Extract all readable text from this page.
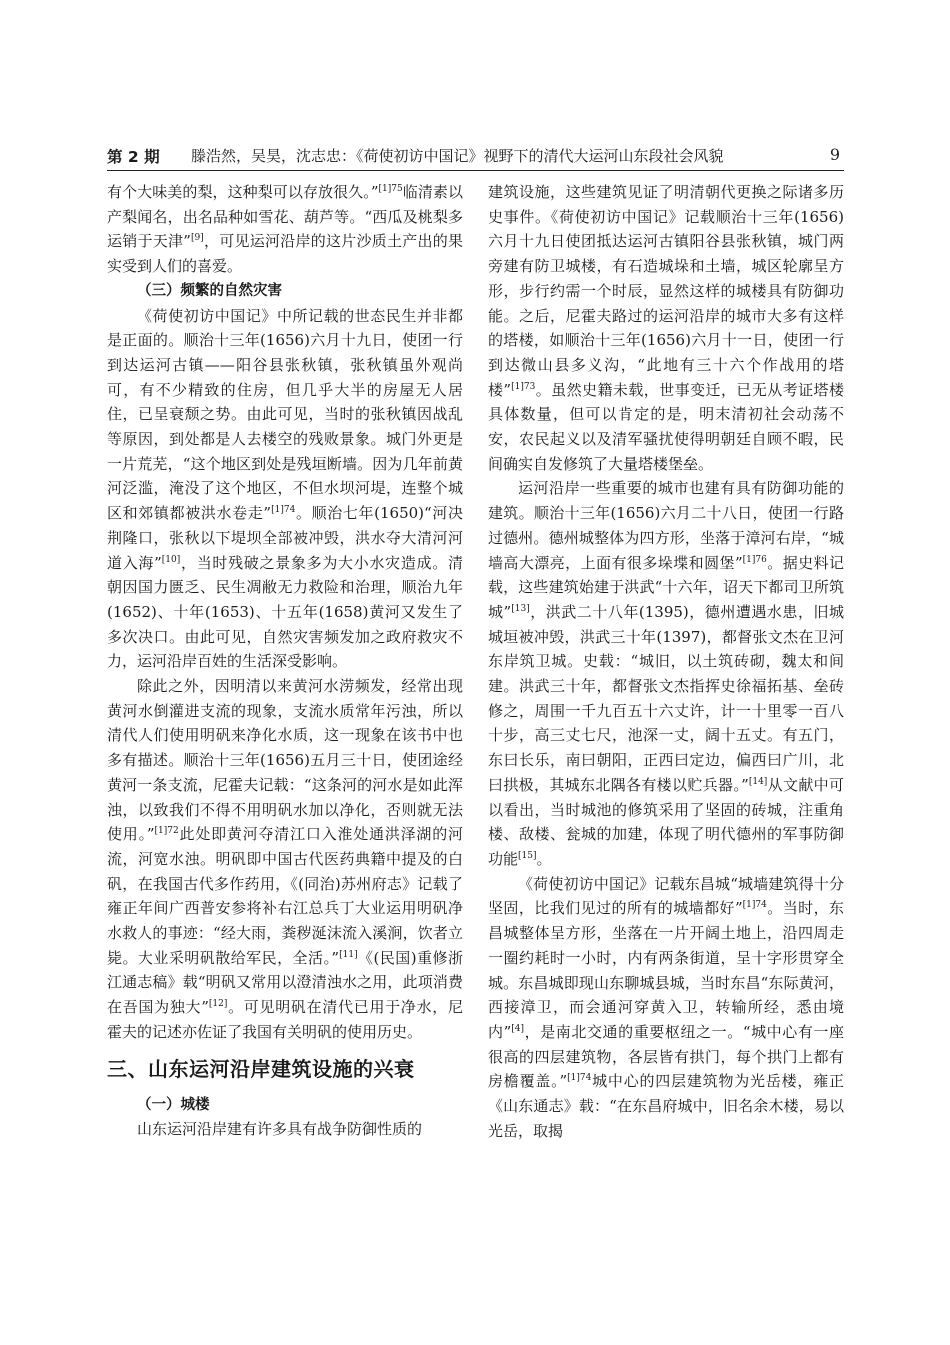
第 2 期 滕浩然，吴昊，沈志忠：《荷使初访中国记》视野下的清代大运河山东段社会风貌	9

有个大味美的梨，这种梨可以存放很久。”$^{[1]75}$临清素以产梨闻名，出名品种如雪花、葫芦等。“西瓜及桃梨多运销于天津”[9]，可见运河沿岸的这片沙质土产出的果实受到人们的喜爱。

（三）频繁的自然灾害

《荷使初访中国记》中所记载的世态民生并非都是正面的。顺治十三年(1656)六月十九日，使团一行到达运河古镇——阳谷县张秋镇，张秋镇虽外观尚可，有不少精致的住房，但几乎大半的房屋无人居住，已呈衰颓之势。由此可见，当时的张秋镇因战乱等原因，到处都是人去楼空的残败景象。城门外更是一片荒芜，“这个地区到处是残垣断墙。因为几年前黄河泛滥，淹没了这个地区，不但水坝河堤，连整个城区和郊镇都被洪水卷走”$^{[1]74}$。顺治七年(1650)“河决荆隆口，张秋以下堤坝全部被冲毁，洪水夺大清河河道入海”[10]，当时残破之景象多为大小水灾造成。清朝因国力匮乏、民生凋敝无力救险和治理，顺治九年(1652)、十年(1653)、十五年(1658)黄河又发生了多次决口。由此可见，自然灾害频发加之政府救灾不力，运河沿岸百姓的生活深受影响。

除此之外，因明清以来黄河水涝频发，经常出现黄河水倒灌进支流的现象，支流水质常年污浊，所以清代人们使用明矾来净化水质，这一现象在该书中也多有描述。顺治十三年(1656)五月三十日，使团途经黄河一条支流，尼霍夫记载：“这条河的河水是如此浑浊，以致我们不得不用明矾水加以净化，否则就无法使用。”$^{[1]72}$此处即黄河夺清江口入淮处通洪泽湖的河流，河宽水浊。明矾即中国古代医药典籍中提及的白矾，在我国古代多作药用，《(同治)苏州府志》记载了雍正年间广西普安参将补右江总兵丁大业运用明矾净水救人的事迹：“经大雨，粪秽涎沫流入溪涧，饮者立毙。大业采明矾散给军民，全活。”[11]《(民国)重修浙江通志稿》载“明矾又常用以澄清浊水之用，此项消费在吾国为独大”[12]。可见明矾在清代已用于净水，尼霍夫的记述亦佐证了我国有关明矾的使用历史。

三、山东运河沿岸建筑设施的兴衰
（一）城楼

山东运河沿岸建有许多具有战争防御性质的

建筑设施，这些建筑见证了明清朝代更换之际诸多历史事件。《荷使初访中国记》记载顺治十三年(1656)六月十九日使团抵达运河古镇阳谷县张秋镇，城门两旁建有防卫城楼，有石造城垛和土墙，城区轮廓呈方形，步行约需一个时辰，显然这样的城楼具有防御功能。之后，尼霍夫路过的运河沿岸的城市大多有这样的塔楼，如顺治十三年(1656)六月十一日，使团一行到达微山县多义沟，“此地有三十六个作战用的塔楼”$^{[1]73}$。虽然史籍未载，世事变迁，已无从考证塔楼具体数量，但可以肯定的是，明末清初社会动荡不安，农民起义以及清军骚扰使得明朝廷自顾不暇，民间确实自发修筑了大量塔楼堡垒。

运河沿岸一些重要的城市也建有具有防御功能的建筑。顺治十三年(1656)六月二十八日，使团一行路过德州。德州城整体为四方形，坐落于漳河右岸，“城墙高大漂亮，上面有很多垛堞和圆堡”$^{[1]76}$。据史料记载，这些建筑始建于洪武“十六年，诏天下都司卫所筑城”[13]，洪武二十八年(1395)，德州遭遇水患，旧城城垣被冲毁，洪武三十年(1397)，都督张文杰在卫河东岸筑卫城。史载：“城旧，以土筑砖砌，魏太和间建。洪武三十年，都督张文杰指挥史徐福拓基、垒砖修之，周围一千九百五十六丈许，计一十里零一百八十步，高三丈七尺，池深一丈，阔十五丈。有五门，东曰长乐，南曰朝阳，正西曰定边，偏西曰广川，北曰拱极，其城东北隅各有楼以贮兵器。”[14]从文献中可以看出，当时城池的修筑采用了坚固的砖城，注重角楼、敌楼、瓮城的加建，体现了明代德州的军事防御功能[15]。

《荷使初访中国记》记载东昌城“城墙建筑得十分坚固，比我们见过的所有的城墙都好”$^{[1]74}$。当时，东昌城整体呈方形，坐落在一片开阔土地上，沿四周走一圈约耗时一小时，内有两条街道，呈十字形贯穿全城。东昌城即现山东聊城县城，当时东昌“东际黄河，西接漳卫，而会通河穿黄入卫，转输所经，悉由境内”[4]，是南北交通的重要枢纽之一。“城中心有一座很高的四层建筑物，各层皆有拱门，每个拱门上都有房檐覆盖。”$^{[1]74}$城中心的四层建筑物为光岳楼，雍正《山东通志》载：“在东昌府城中，旧名余木楼，易以光岳，取揭
